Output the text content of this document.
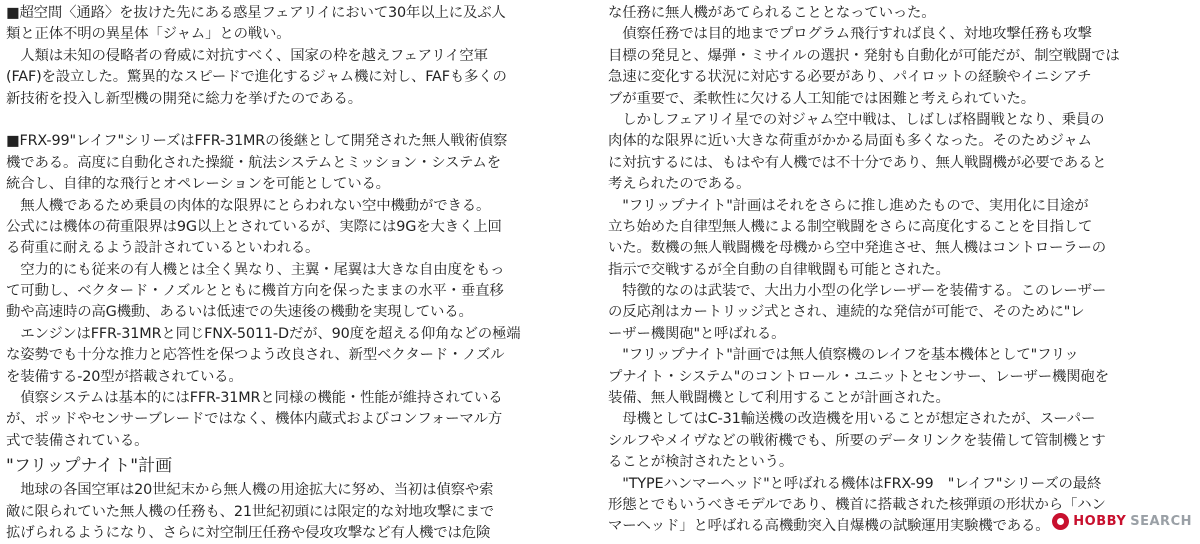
■超空間〈通路〉を抜けた先にある惑星フェアリイにおいて30年以上に及ぶ人
類と正体不明の異星体「ジャム」との戦い。
　人類は未知の侵略者の脅威に対抗すべく、国家の枠を越えフェアリイ空軍
(FAF)を設立した。驚異的なスピードで進化するジャム機に対し、FAFも多くの
新技術を投入し新型機の開発に総力を挙げたのである。
■FRX-99"レイフ"シリーズはFFR-31MRの後継として開発された無人戦術偵察
機である。高度に自動化された操縦・航法システムとミッション・システムを
統合し、自律的な飛行とオペレーションを可能としている。
　無人機であるため乗員の肉体的な限界にとらわれない空中機動ができる。
公式には機体の荷重限界は9G以上とされているが、実際には9Gを大きく上回
る荷重に耐えるよう設計されているといわれる。
　空力的にも従来の有人機とは全く異なり、主翼・尾翼は大きな自由度をもっ
て可動し、ベクタード・ノズルとともに機首方向を保ったままの水平・垂直移
動や高速時の高G機動、あるいは低速での失速後の機動を実現している。
　エンジンはFFR-31MRと同じFNX-5011-Dだが、90度を超える仰角などの極端
な姿勢でも十分な推力と応答性を保つよう改良され、新型ベクタード・ノズル
を装備する-20型が搭載されている。
　偵察システムは基本的にはFFR-31MRと同様の機能・性能が維持されている
が、ポッドやセンサーブレードではなく、機体内蔵式およびコンフォーマル方
式で装備されている。
"フリップナイト"計画
　地球の各国空軍は20世紀末から無人機の用途拡大に努め、当初は偵察や索
敵に限られていた無人機の任務も、21世紀初頭には限定的な対地攻撃にまで
拡げられるようになり、さらに対空制圧任務や侵攻攻撃など有人機では危険
な任務に無人機があてられることとなっていった。
　偵察任務では目的地までプログラム飛行すれば良く、対地攻撃任務も攻撃
目標の発見と、爆弾・ミサイルの選択・発射も自動化が可能だが、制空戦闘では
急速に変化する状況に対応する必要があり、パイロットの経験やイニシアチ
ブが重要で、柔軟性に欠ける人工知能では困難と考えられていた。
　しかしフェアリイ星での対ジャム空中戦は、しばしば格闘戦となり、乗員の
肉体的な限界に近い大きな荷重がかかる局面も多くなった。そのためジャム
に対抗するには、もはや有人機では不十分であり、無人戦闘機が必要であると
考えられたのである。
　"フリップナイト"計画はそれをさらに推し進めたもので、実用化に目途が
立ち始めた自律型無人機による制空戦闘をさらに高度化することを目指して
いた。数機の無人戦闘機を母機から空中発進させ、無人機はコントローラーの
指示で交戦するが全自動の自律戦闘も可能とされた。
　特徴的なのは武装で、大出力小型の化学レーザーを装備する。このレーザー
の反応剤はカートリッジ式とされ、連続的な発信が可能で、そのために"レ
ーザー機関砲"と呼ばれる。
　"フリップナイト"計画では無人偵察機のレイフを基本機体として"フリッ
プナイト・システム"のコントロール・ユニットとセンサー、レーザー機関砲を
装備、無人戦闘機として利用することが計画された。
　母機としてはC-31輸送機の改造機を用いることが想定されたが、スーパー
シルフやメイヴなどの戦術機でも、所要のデータリンクを装備して管制機とす
ることが検討されたという。
　"TYPEハンマーヘッド"と呼ばれる機体はFRX-99　"レイフ"シリーズの最終
形態とでもいうべきモデルであり、機首に搭載された核弾頭の形状から「ハン
マーヘッド」と呼ばれる高機動突入自爆機の試験運用実験機である。	HOBBY SEARCH
